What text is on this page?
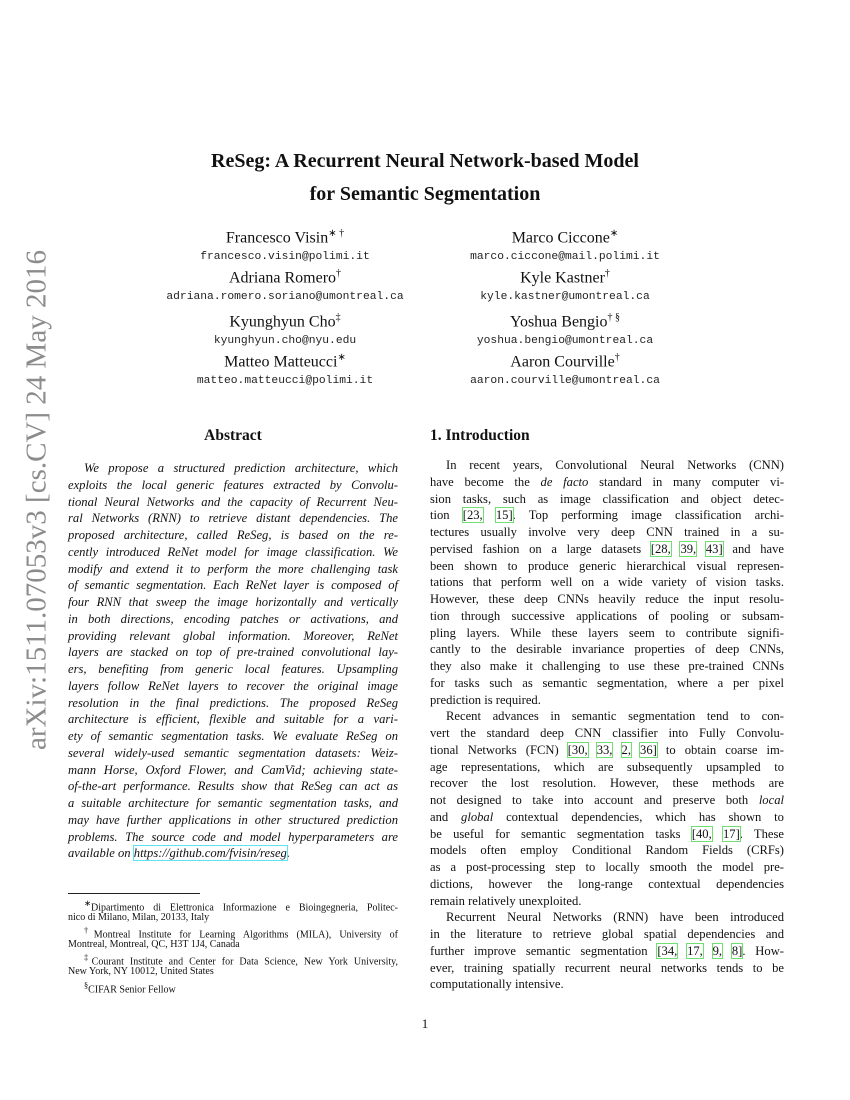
arXiv:1511.07053v3 [cs.CV] 24 May 2016
ReSeg: A Recurrent Neural Network-based Model
for Semantic Segmentation
Francesco Visin∗ †
francesco.visin@polimi.it
Marco Ciccone∗
marco.ciccone@mail.polimi.it
Adriana Romero†
adriana.romero.soriano@umontreal.ca
Kyle Kastner†
kyle.kastner@umontreal.ca
Kyunghyun Cho‡
kyunghyun.cho@nyu.edu
Yoshua Bengio† §
yoshua.bengio@umontreal.ca
Matteo Matteucci∗
matteo.matteucci@polimi.it
Aaron Courville†
aaron.courville@umontreal.ca
Abstract
We propose a structured prediction architecture, which
exploits the local generic features extracted by Convolu-
tional Neural Networks and the capacity of Recurrent Neu-
ral Networks (RNN) to retrieve distant dependencies. The
proposed architecture, called ReSeg, is based on the re-
cently introduced ReNet model for image classification. We
modify and extend it to perform the more challenging task
of semantic segmentation. Each ReNet layer is composed of
four RNN that sweep the image horizontally and vertically
in both directions, encoding patches or activations, and
providing relevant global information. Moreover, ReNet
layers are stacked on top of pre-trained convolutional lay-
ers, benefiting from generic local features. Upsampling
layers follow ReNet layers to recover the original image
resolution in the final predictions. The proposed ReSeg
architecture is efficient, flexible and suitable for a vari-
ety of semantic segmentation tasks. We evaluate ReSeg on
several widely-used semantic segmentation datasets: Weiz-
mann Horse, Oxford Flower, and CamVid; achieving state-
of-the-art performance. Results show that ReSeg can act as
a suitable architecture for semantic segmentation tasks, and
may have further applications in other structured prediction
problems. The source code and model hyperparameters are
available on https://github.com/fvisin/reseg.
∗Dipartimento di Elettronica Informazione e Bioingegneria, Politec-
nico di Milano, Milan, 20133, Italy
†Montreal Institute for Learning Algorithms (MILA), University of
Montreal, Montreal, QC, H3T 1J4, Canada
‡Courant Institute and Center for Data Science, New York University,
New York, NY 10012, United States
§CIFAR Senior Fellow
1. Introduction
In recent years, Convolutional Neural Networks (CNN)
have become the de facto standard in many computer vi-
sion tasks, such as image classification and object detec-
tion [23, 15]. Top performing image classification archi-
tectures usually involve very deep CNN trained in a su-
pervised fashion on a large datasets [28, 39, 43] and have
been shown to produce generic hierarchical visual represen-
tations that perform well on a wide variety of vision tasks.
However, these deep CNNs heavily reduce the input resolu-
tion through successive applications of pooling or subsam-
pling layers. While these layers seem to contribute signifi-
cantly to the desirable invariance properties of deep CNNs,
they also make it challenging to use these pre-trained CNNs
for tasks such as semantic segmentation, where a per pixel
prediction is required.
Recent advances in semantic segmentation tend to con-
vert the standard deep CNN classifier into Fully Convolu-
tional Networks (FCN) [30, 33, 2, 36] to obtain coarse im-
age representations, which are subsequently upsampled to
recover the lost resolution. However, these methods are
not designed to take into account and preserve both local
and global contextual dependencies, which has shown to
be useful for semantic segmentation tasks [40, 17]. These
models often employ Conditional Random Fields (CRFs)
as a post-processing step to locally smooth the model pre-
dictions, however the long-range contextual dependencies
remain relatively unexploited.
Recurrent Neural Networks (RNN) have been introduced
in the literature to retrieve global spatial dependencies and
further improve semantic segmentation [34, 17, 9, 8]. How-
ever, training spatially recurrent neural networks tends to be
computationally intensive.
1
